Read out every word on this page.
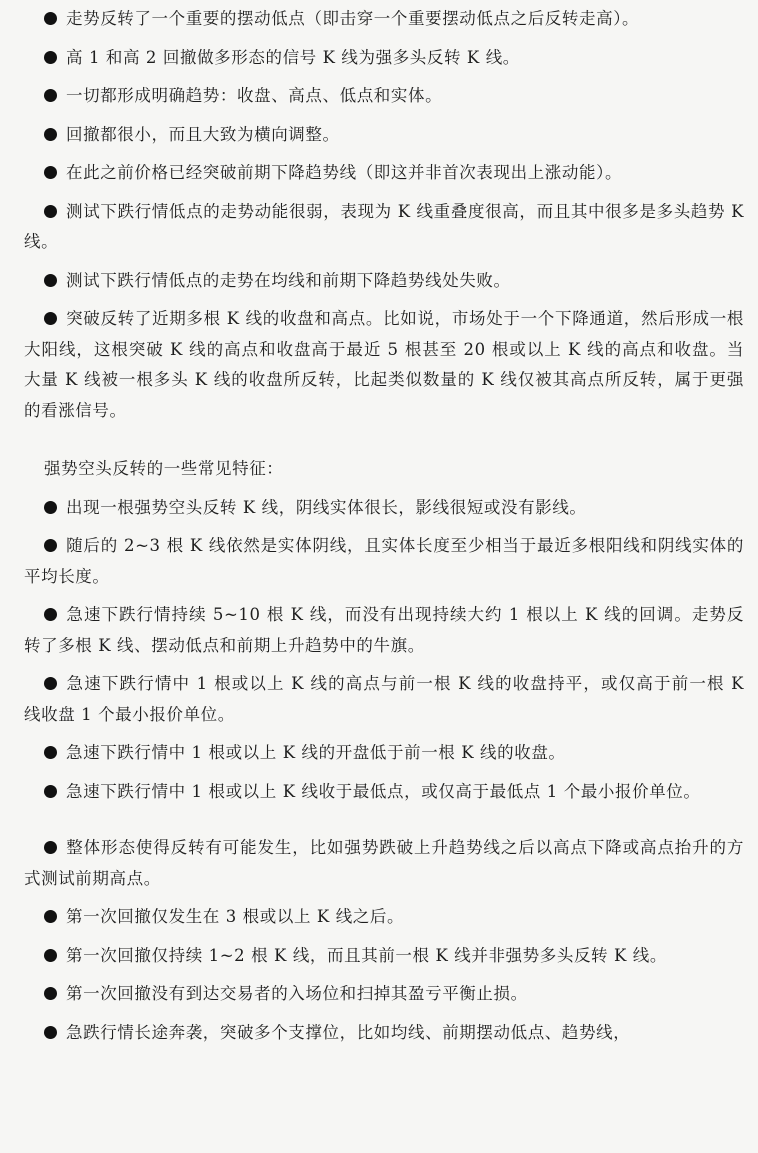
走势反转了一个重要的摆动低点（即击穿一个重要摆动低点之后反转走高）。

高 1 和高 2 回撤做多形态的信号 K 线为强多头反转 K 线。

一切都形成明确趋势：收盘、高点、低点和实体。

回撤都很小，而且大致为横向调整。

在此之前价格已经突破前期下降趋势线（即这并非首次表现出上涨动能）。

测试下跌行情低点的走势动能很弱，表现为 K 线重叠度很高，而且其中很多是多头趋势 K 线。

测试下跌行情低点的走势在均线和前期下降趋势线处失败。

突破反转了近期多根 K 线的收盘和高点。比如说，市场处于一个下降通道，然后形成一根大阳线，这根突破 K 线的高点和收盘高于最近 5 根甚至 20 根或以上 K 线的高点和收盘。当大量 K 线被一根多头 K 线的收盘所反转，比起类似数量的 K 线仅被其高点所反转，属于更强的看涨信号。

强势空头反转的一些常见特征：

出现一根强势空头反转 K 线，阴线实体很长，影线很短或没有影线。

随后的 2~3 根 K 线依然是实体阴线，且实体长度至少相当于最近多根阳线和阴线实体的平均长度。

急速下跌行情持续 5~10 根 K 线，而没有出现持续大约 1 根以上 K 线的回调。走势反转了多根 K 线、摆动低点和前期上升趋势中的牛旗。

急速下跌行情中 1 根或以上 K 线的高点与前一根 K 线的收盘持平，或仅高于前一根 K 线收盘 1 个最小报价单位。

急速下跌行情中 1 根或以上 K 线的开盘低于前一根 K 线的收盘。

急速下跌行情中 1 根或以上 K 线收于最低点，或仅高于最低点 1 个最小报价单位。

整体形态使得反转有可能发生，比如强势跌破上升趋势线之后以高点下降或高点抬升的方式测试前期高点。

第一次回撤仅发生在 3 根或以上 K 线之后。

第一次回撤仅持续 1~2 根 K 线，而且其前一根 K 线并非强势多头反转 K 线。

第一次回撤没有到达交易者的入场位和扫掉其盈亏平衡止损。

急跌行情长途奔袭，突破多个支撑位，比如均线、前期摆动低点、趋势线，
